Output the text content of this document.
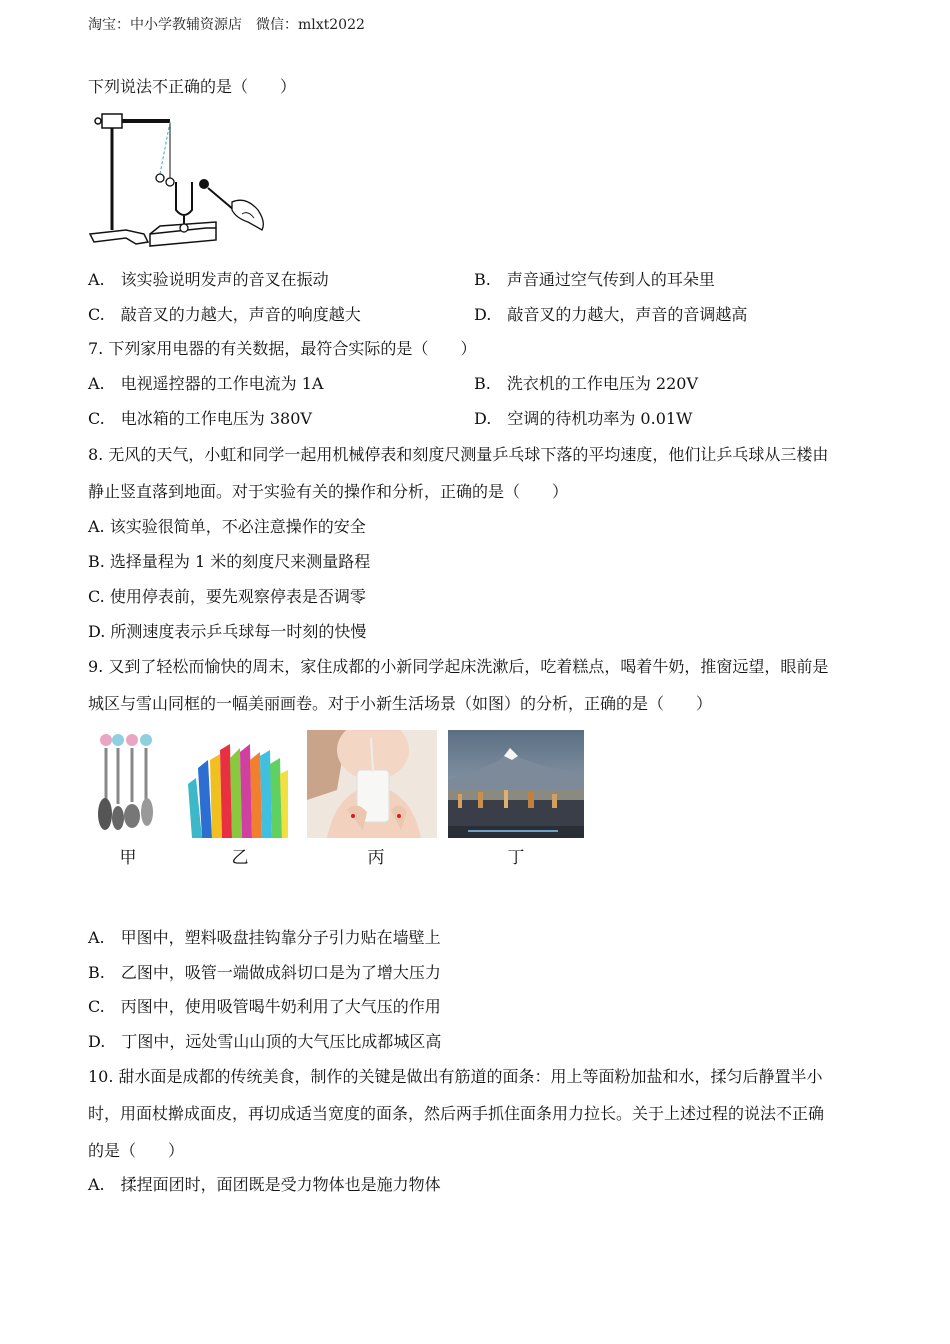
淘宝：中小学教辅资源店　微信：mlxt2022
下列说法不正确的是（　　）
A.　该实验说明发声的音叉在振动	B.　声音通过空气传到人的耳朵里
C.　敲音叉的力越大，声音的响度越大	D.　敲音叉的力越大，声音的音调越高
7. 下列家用电器的有关数据，最符合实际的是（　　）
A.　电视遥控器的工作电流为 1A	B.　洗衣机的工作电压为 220V
C.　电冰箱的工作电压为 380V	D.　空调的待机功率为 0.01W
8. 无风的天气，小虹和同学一起用机械停表和刻度尺测量乒乓球下落的平均速度，他们让乒乓球从三楼由
静止竖直落到地面。对于实验有关的操作和分析，正确的是（　　）
A. 该实验很简单，不必注意操作的安全
B. 选择量程为 1 米的刻度尺来测量路程
C. 使用停表前，要先观察停表是否调零
D. 所测速度表示乒乓球每一时刻的快慢
9. 又到了轻松而愉快的周末，家住成都的小新同学起床洗漱后，吃着糕点，喝着牛奶，推窗远望，眼前是
城区与雪山同框的一幅美丽画卷。对于小新生活场景（如图）的分析，正确的是（　　）
甲	乙	丙	丁
A.　甲图中，塑料吸盘挂钩靠分子引力贴在墙壁上
B.　乙图中，吸管一端做成斜切口是为了增大压力
C.　丙图中，使用吸管喝牛奶利用了大气压的作用
D.　丁图中，远处雪山山顶的大气压比成都城区高
10. 甜水面是成都的传统美食，制作的关键是做出有筋道的面条：用上等面粉加盐和水，揉匀后静置半小
时，用面杖擀成面皮，再切成适当宽度的面条，然后两手抓住面条用力拉长。关于上述过程的说法不正确
的是（　　）
A.　揉捏面团时，面团既是受力物体也是施力物体
